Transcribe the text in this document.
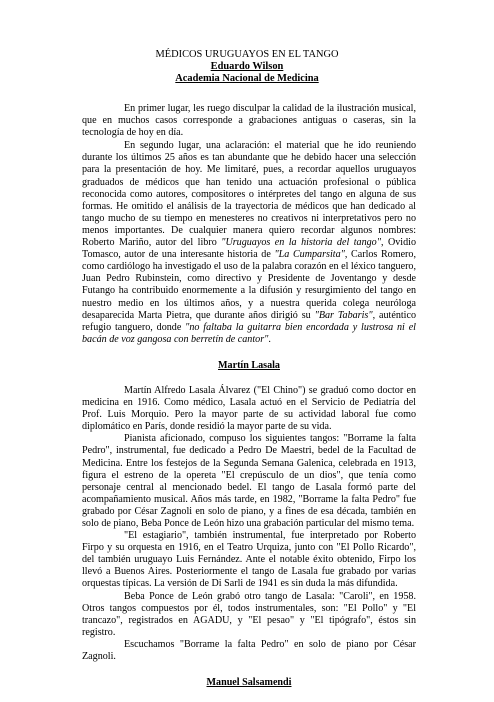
MÉDICOS URUGUAYOS EN EL TANGO
Eduardo Wilson
Academia Nacional de Medicina

En primer lugar, les ruego disculpar la calidad de la ilustración musical, que en muchos casos corresponde a grabaciones antiguas o caseras, sin la tecnología de hoy en día.

En segundo lugar, una aclaración: el material que he ido reuniendo durante los últimos 25 años es tan abundante que he debido hacer una selección para la presentación de hoy. Me limitaré, pues, a recordar aquellos uruguayos graduados de médicos que han tenido una actuación profesional o pública reconocida como autores, compositores o intérpretes del tango en alguna de sus formas. He omitido el análisis de la trayectoria de médicos que han dedicado al tango mucho de su tiempo en menesteres no creativos ni interpretativos pero no menos importantes. De cualquier manera quiero recordar algunos nombres: Roberto Mariño, autor del libro "Uruguayos en la historia del tango", Ovidio Tomasco, autor de una interesante historia de "La Cumparsita", Carlos Romero, como cardiólogo ha investigado el uso de la palabra corazón en el léxico tanguero, Juan Pedro Rubinstein, como directivo y Presidente de Joventango y desde Futango ha contribuido enormemente a la difusión y resurgimiento del tango en nuestro medio en los últimos años, y a nuestra querida colega neuróloga desaparecida Marta Pietra, que durante años dirigió su "Bar Tabaris", auténtico refugio tanguero, donde "no faltaba la guitarra bien encordada y lustrosa ni el bacán de voz gangosa con berretín de cantor".

Martín Lasala

Martín Alfredo Lasala Álvarez ("El Chino") se graduó como doctor en medicina en 1916. Como médico, Lasala actuó en el Servicio de Pediatría del Prof. Luis Morquio. Pero la mayor parte de su actividad laboral fue como diplomático en París, donde residió la mayor parte de su vida.

Pianista aficionado, compuso los siguientes tangos: "Borrame la falta Pedro", instrumental, fue dedicado a Pedro De Maestri, bedel de la Facultad de Medicina. Entre los festejos de la Segunda Semana Galenica, celebrada en 1913, figura el estreno de la opereta "El crepúsculo de un dios", que tenía como personaje central al mencionado bedel. El tango de Lasala formó parte del acompañamiento musical. Años más tarde, en 1982, "Borrame la falta Pedro" fue grabado por César Zagnoli en solo de piano, y a fines de esa década, también en solo de piano, Beba Ponce de León hizo una grabación particular del mismo tema.

"El estagiario", también instrumental, fue interpretado por Roberto Firpo y su orquesta en 1916, en el Teatro Urquiza, junto con "El Pollo Ricardo", del también uruguayo Luis Fernández. Ante el notable éxito obtenido, Firpo los llevó a Buenos Aires. Posteriormente el tango de Lasala fue grabado por varias orquestas típicas. La versión de Di Sarli de 1941 es sin duda la más difundida.

Beba Ponce de León grabó otro tango de Lasala: "Caroli", en 1958. Otros tangos compuestos por él, todos instrumentales, son: "El Pollo" y "El trancazo", registrados en AGADU, y "El pesao" y "El tipógrafo", éstos sin registro.

Escuchamos "Borrame la falta Pedro" en solo de piano por César Zagnoli.

Manuel Salsamendi
